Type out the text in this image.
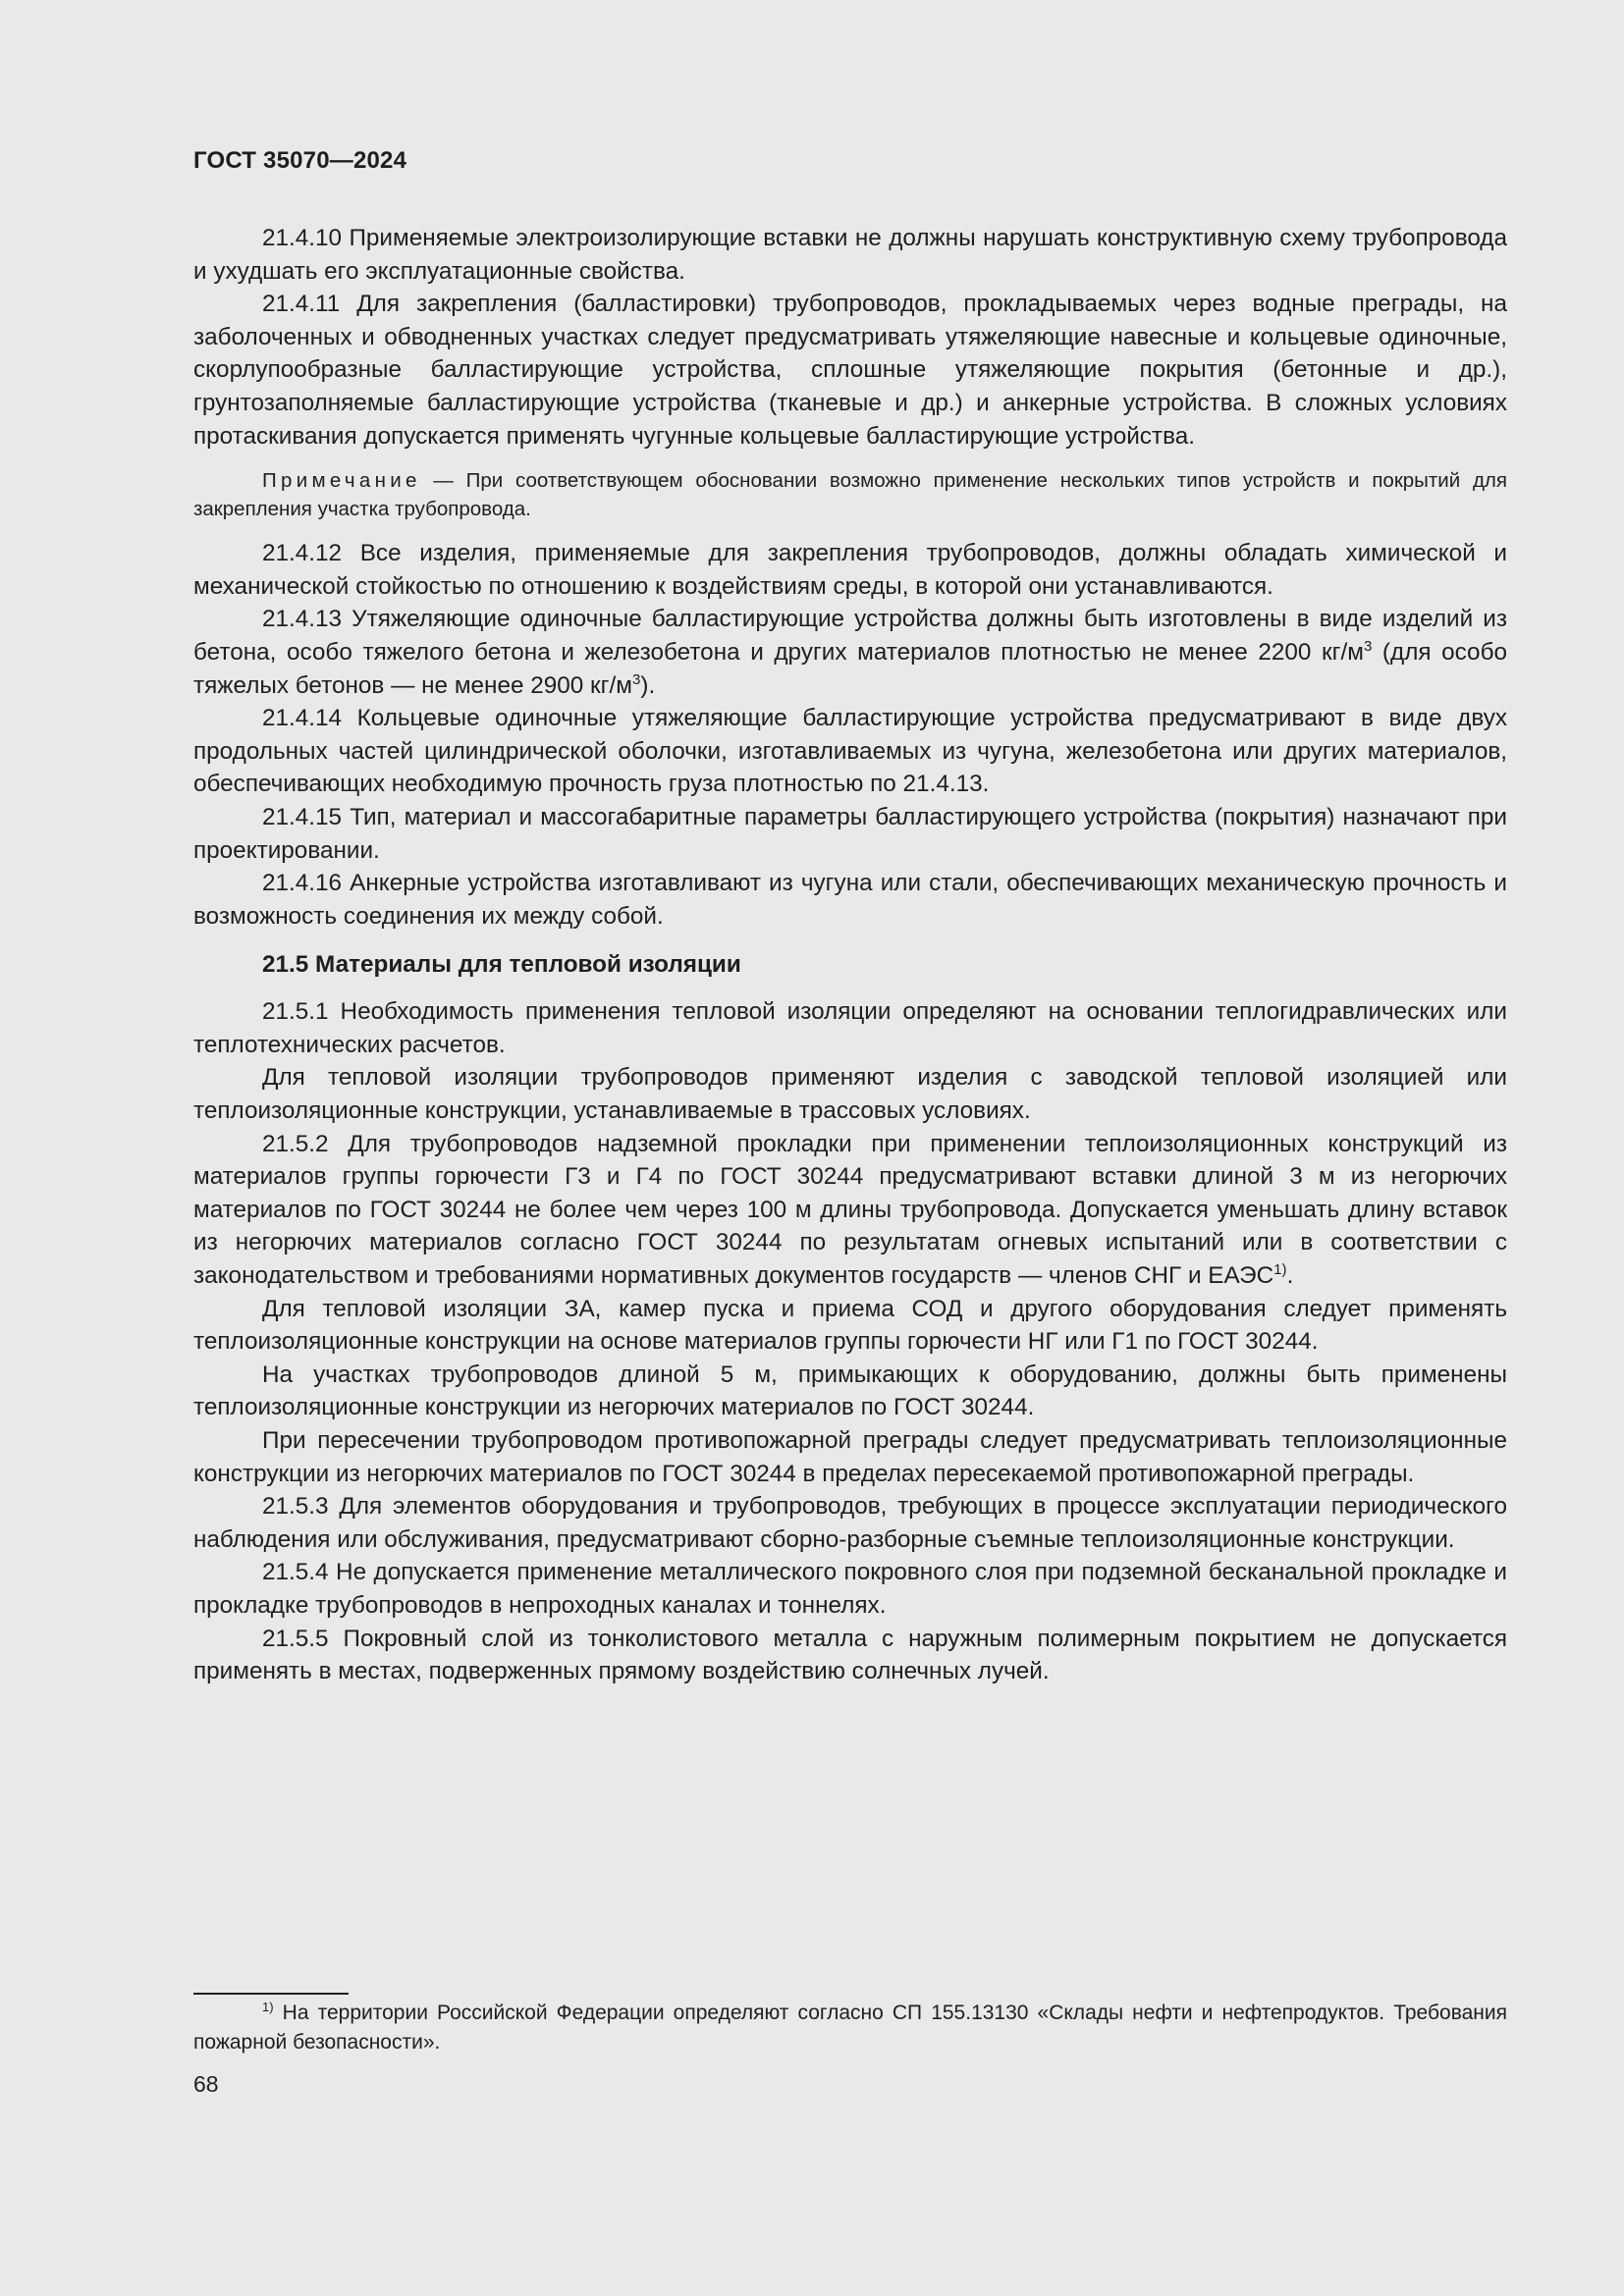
ГОСТ 35070—2024

21.4.10 Применяемые электроизолирующие вставки не должны нарушать конструктивную схему трубопровода и ухудшать его эксплуатационные свойства.

21.4.11 Для закрепления (балластировки) трубопроводов, прокладываемых через водные преграды, на заболоченных и обводненных участках следует предусматривать утяжеляющие навесные и кольцевые одиночные, скорлупообразные балластирующие устройства, сплошные утяжеляющие покрытия (бетонные и др.), грунтозаполняемые балластирующие устройства (тканевые и др.) и анкерные устройства. В сложных условиях протаскивания допускается применять чугунные кольцевые балластирующие устройства.

Примечание — При соответствующем обосновании возможно применение нескольких типов устройств и покрытий для закрепления участка трубопровода.

21.4.12 Все изделия, применяемые для закрепления трубопроводов, должны обладать химической и механической стойкостью по отношению к воздействиям среды, в которой они устанавливаются.

21.4.13 Утяжеляющие одиночные балластирующие устройства должны быть изготовлены в виде изделий из бетона, особо тяжелого бетона и железобетона и других материалов плотностью не менее 2200 $кг/м^3$ (для особо тяжелых бетонов — не менее 2900 $кг/м^3$).

21.4.14 Кольцевые одиночные утяжеляющие балластирующие устройства предусматривают в виде двух продольных частей цилиндрической оболочки, изготавливаемых из чугуна, железобетона или других материалов, обеспечивающих необходимую прочность груза плотностью по 21.4.13.

21.4.15 Тип, материал и массогабаритные параметры балластирующего устройства (покрытия) назначают при проектировании.

21.4.16 Анкерные устройства изготавливают из чугуна или стали, обеспечивающих механическую прочность и возможность соединения их между собой.

21.5 Материалы для тепловой изоляции

21.5.1 Необходимость применения тепловой изоляции определяют на основании теплогидравлических или теплотехнических расчетов.

Для тепловой изоляции трубопроводов применяют изделия с заводской тепловой изоляцией или теплоизоляционные конструкции, устанавливаемые в трассовых условиях.

21.5.2 Для трубопроводов надземной прокладки при применении теплоизоляционных конструкций из материалов группы горючести Г3 и Г4 по ГОСТ 30244 предусматривают вставки длиной 3 м из негорючих материалов по ГОСТ 30244 не более чем через 100 м длины трубопровода. Допускается уменьшать длину вставок из негорючих материалов согласно ГОСТ 30244 по результатам огневых испытаний или в соответствии с законодательством и требованиями нормативных документов государств — членов СНГ и ЕАЭС$^{1)}$.

Для тепловой изоляции ЗА, камер пуска и приема СОД и другого оборудования следует применять теплоизоляционные конструкции на основе материалов группы горючести НГ или Г1 по ГОСТ 30244.

На участках трубопроводов длиной 5 м, примыкающих к оборудованию, должны быть применены теплоизоляционные конструкции из негорючих материалов по ГОСТ 30244.

При пересечении трубопроводом противопожарной преграды следует предусматривать теплоизоляционные конструкции из негорючих материалов по ГОСТ 30244 в пределах пересекаемой противопожарной преграды.

21.5.3 Для элементов оборудования и трубопроводов, требующих в процессе эксплуатации периодического наблюдения или обслуживания, предусматривают сборно-разборные съемные теплоизоляционные конструкции.

21.5.4 Не допускается применение металлического покровного слоя при подземной бесканальной прокладке и прокладке трубопроводов в непроходных каналах и тоннелях.

21.5.5 Покровный слой из тонколистового металла с наружным полимерным покрытием не допускается применять в местах, подверженных прямому воздействию солнечных лучей.

$^{1)}$ На территории Российской Федерации определяют согласно СП 155.13130 «Склады нефти и нефтепродуктов. Требования пожарной безопасности».

68
